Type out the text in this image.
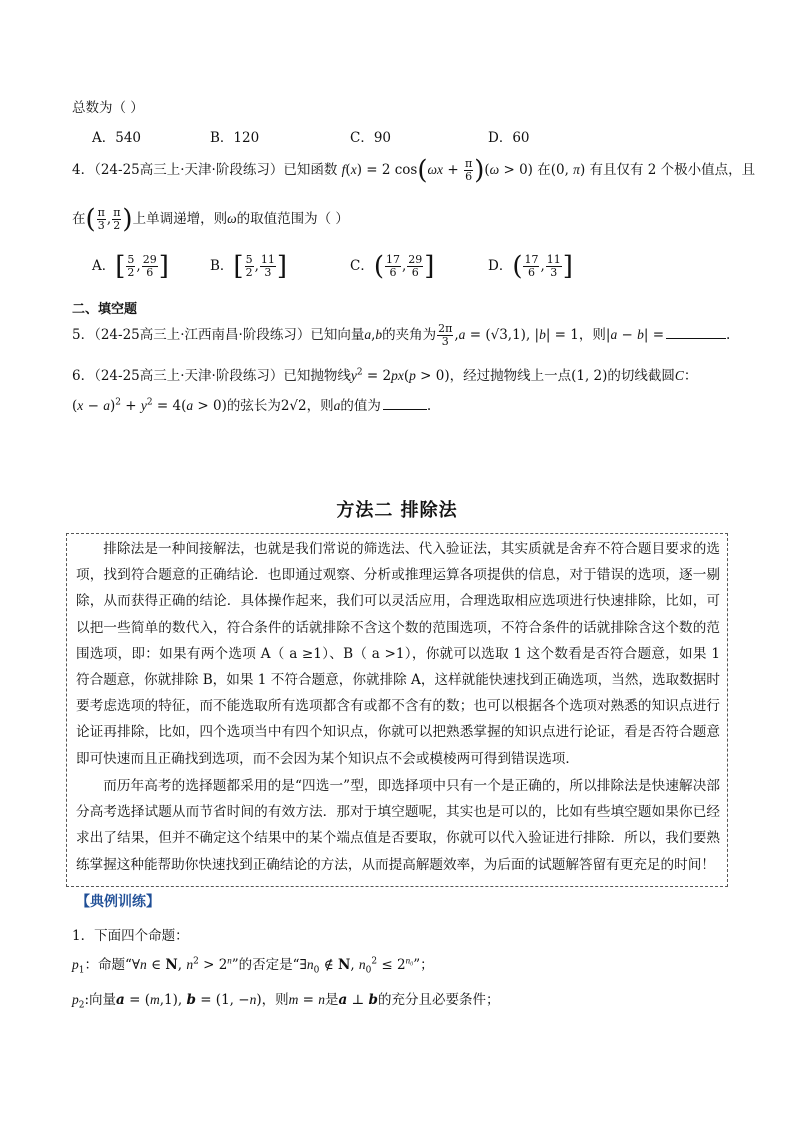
总数为（ ）
A．540	B．120	C．90	D．60
4．（24-25高三上·天津·阶段练习）已知函数 f(x) = 2 $\cos(\omega x + \frac{\pi}{6} )(\omega > 0)$ 在(0, π) 有且仅有 2 个极小值点，且
在( $\frac{\pi}{3}$ , $\frac{\pi}{2}$ )上单调递增，则ω的取值范围为（ ）
A．[ $\frac{5}{2}$ , $\frac{29}{6}$ ]	B．[ $\frac{5}{2}$ , $\frac{11}{3}$ ]	C．( $\frac{17}{6}$ , $\frac{29}{6}$ ]	D．( $\frac{17}{6}$ , $\frac{11}{3}$ ]
二、填空题
5．（24-25高三上·江西南昌·阶段练习）已知向量a,b的夹角为 $\frac{2\pi}{3} ,a = (√3,1)$, |b| = 1，则|a − b| =	.
6．（24-25高三上·天津·阶段练习）已知抛物线$y^2 = 2px(p > 0)$，经过抛物线上一点(1, 2)的切线截圆C：
$(x - a)^2 + y^2 = 4(a > 0)$的弦长为2√2，则a的值为	.
方法二 排除法
排除法是一种间接解法，也就是我们常说的筛选法、代入验证法，其实质就是舍弃不符合题目要求的选项，找到符合题意的正确结论．也即通过观察、分析或推理运算各项提供的信息，对于错误的选项，逐一剔除，从而获得正确的结论．具体操作起来，我们可以灵活应用，合理选取相应选项进行快速排除，比如，可以把一些简单的数代入，符合条件的话就排除不含这个数的范围选项，不符合条件的话就排除含这个数的范围选项，即：如果有两个选项 A（ a ≥1）、B（ a >1），你就可以选取 1 这个数看是否符合题意，如果 1 符合题意，你就排除 B，如果 1 不符合题意，你就排除 A，这样就能快速找到正确选项，当然，选取数据时要考虑选项的特征，而不能选取所有选项都含有或都不含有的数；也可以根据各个选项对熟悉的知识点进行论证再排除，比如，四个选项当中有四个知识点，你就可以把熟悉掌握的知识点进行论证，看是否符合题意即可快速而且正确找到选项，而不会因为某个知识点不会或模棱两可得到错误选项．
而历年高考的选择题都采用的是“四选一”型，即选择项中只有一个是正确的，所以排除法是快速解决部分高考选择试题从而节省时间的有效方法．那对于填空题呢，其实也是可以的，比如有些填空题如果你已经求出了结果，但并不确定这个结果中的某个端点值是否要取，你就可以代入验证进行排除．所以，我们要熟练掌握这种能帮助你快速找到正确结论的方法，从而提高解题效率，为后面的试题解答留有更充足的时间！
【典例训练】
1．下面四个命题：
$p_1$：命题“∀n ∈ N, $n^2 > 2^n$”的否定是“$\exists n_0$ ∉ N, $n_0^2 \le 2^{n_0}$”；
$p_2$:向量a = (m,1), b = (1, −n)，则m = n是a ⊥ b的充分且必要条件；
